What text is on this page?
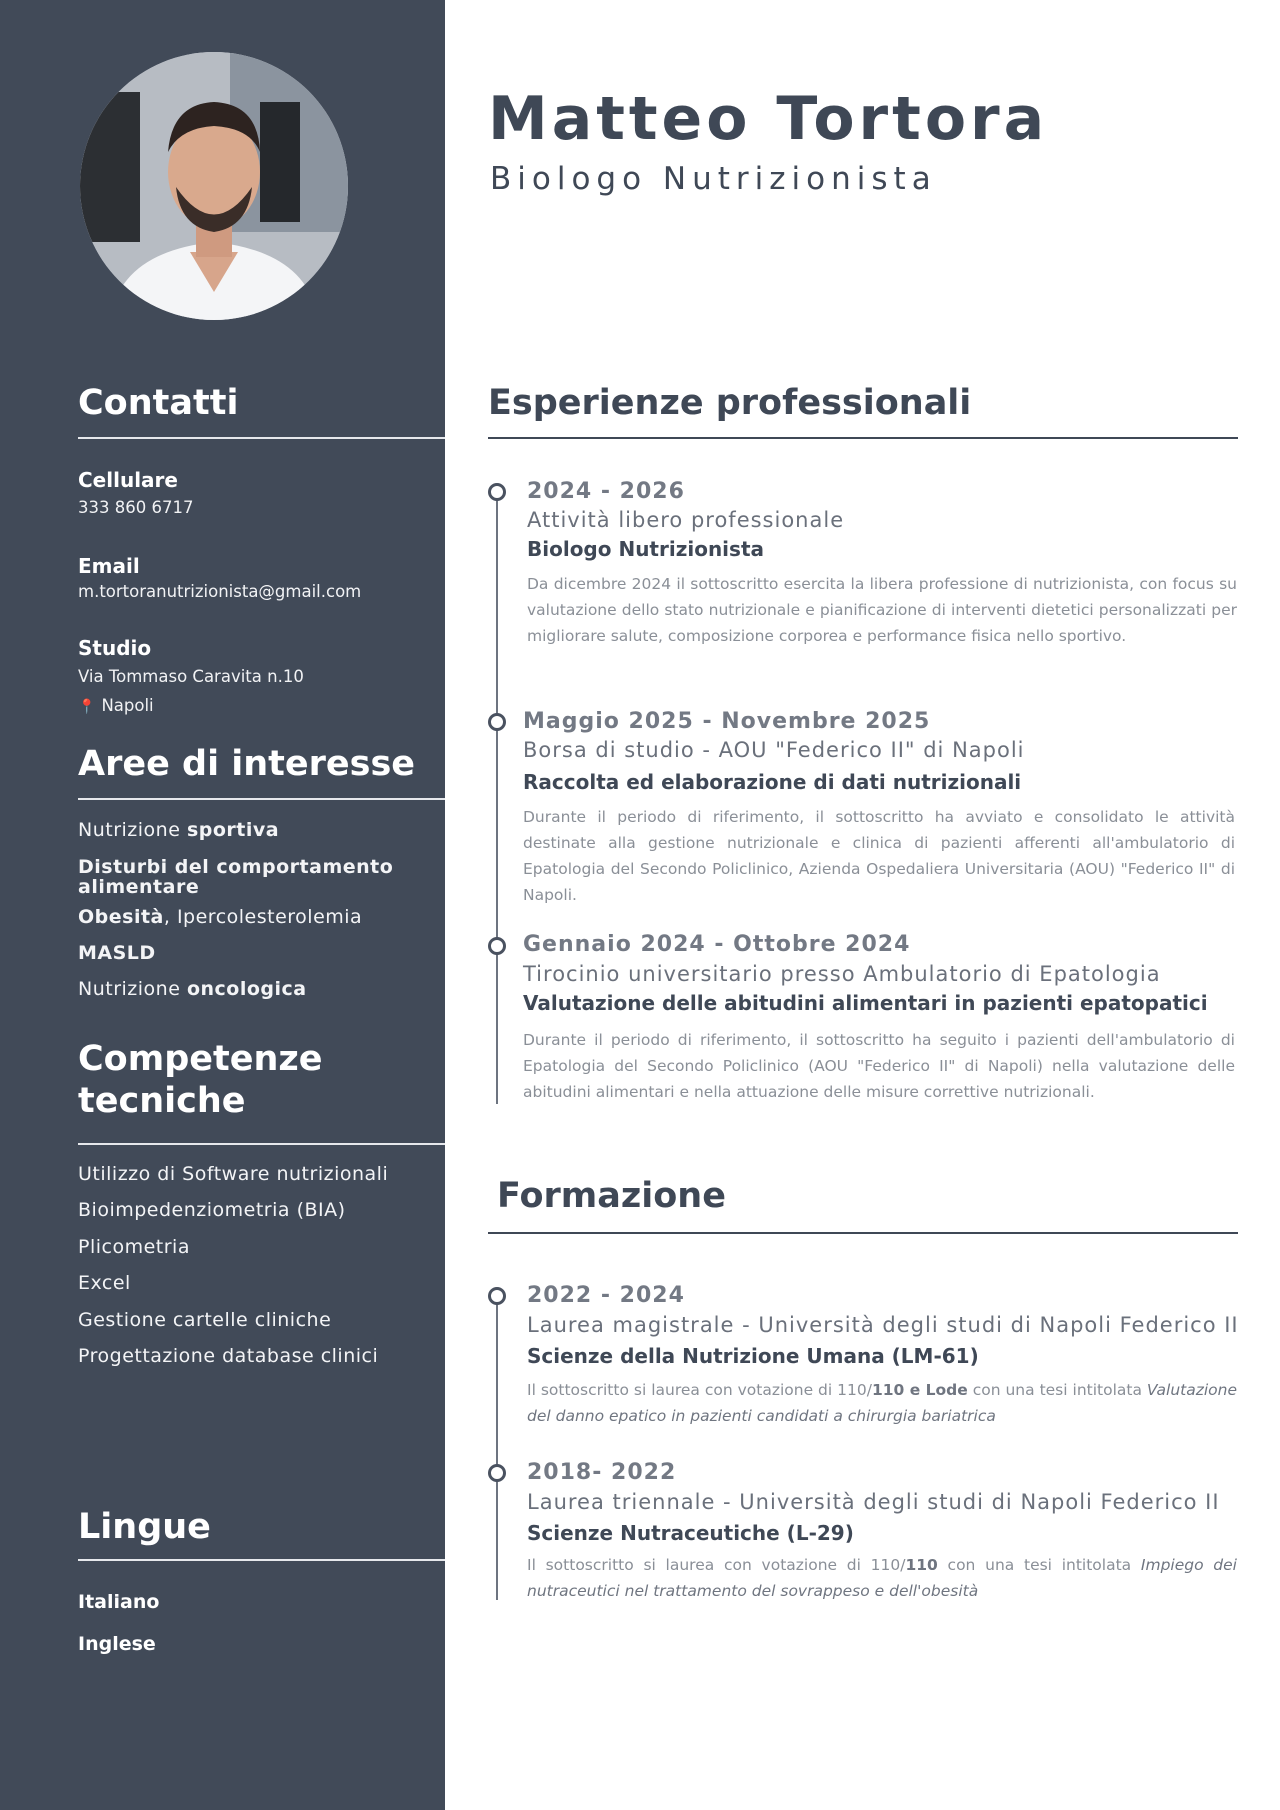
Contatti
Cellulare
333 860 6717
Email
m.tortoranutrizionista@gmail.com
Studio
Via Tommaso Caravita n.10
📍 Napoli
Aree di interesse
Nutrizione sportiva
Disturbi del comportamento alimentare
Obesità, Ipercolesterolemia
MASLD
Nutrizione oncologica
Competenze tecniche
Utilizzo di Software nutrizionali
Bioimpedenziometria (BIA)
Plicometria
Excel
Gestione cartelle cliniche
Progettazione database clinici
Lingue
Italiano
Inglese
Matteo Tortora
Biologo Nutrizionista
Esperienze professionali
2024 - 2026
Attività libero professionale
Biologo Nutrizionista
Da dicembre 2024 il sottoscritto esercita la libera professione di nutrizionista, con focus su valutazione dello stato nutrizionale e pianificazione di interventi dietetici personalizzati per migliorare salute, composizione corporea e performance fisica nello sportivo.
Maggio 2025 - Novembre 2025
Borsa di studio - AOU "Federico II" di Napoli
Raccolta ed elaborazione di dati nutrizionali
Durante il periodo di riferimento, il sottoscritto ha avviato e consolidato le attività destinate alla gestione nutrizionale e clinica di pazienti afferenti all'ambulatorio di Epatologia del Secondo Policlinico, Azienda Ospedaliera Universitaria (AOU) "Federico II" di Napoli.
Gennaio 2024 - Ottobre 2024
Tirocinio universitario presso Ambulatorio di Epatologia
Valutazione delle abitudini alimentari in pazienti epatopatici
Durante il periodo di riferimento, il sottoscritto ha seguito i pazienti dell'ambulatorio di Epatologia del Secondo Policlinico (AOU "Federico II" di Napoli) nella valutazione delle abitudini alimentari e nella attuazione delle misure correttive nutrizionali.
Formazione
2022 - 2024
Laurea magistrale - Università degli studi di Napoli Federico II
Scienze della Nutrizione Umana (LM-61)
Il sottoscritto si laurea con votazione di 110/110 e Lode con una tesi intitolata Valutazione del danno epatico in pazienti candidati a chirurgia bariatrica
2018- 2022
Laurea triennale - Università degli studi di Napoli Federico II
Scienze Nutraceutiche (L-29)
Il sottoscritto si laurea con votazione di 110/110 con una tesi intitolata Impiego dei nutraceutici nel trattamento del sovrappeso e dell'obesità
